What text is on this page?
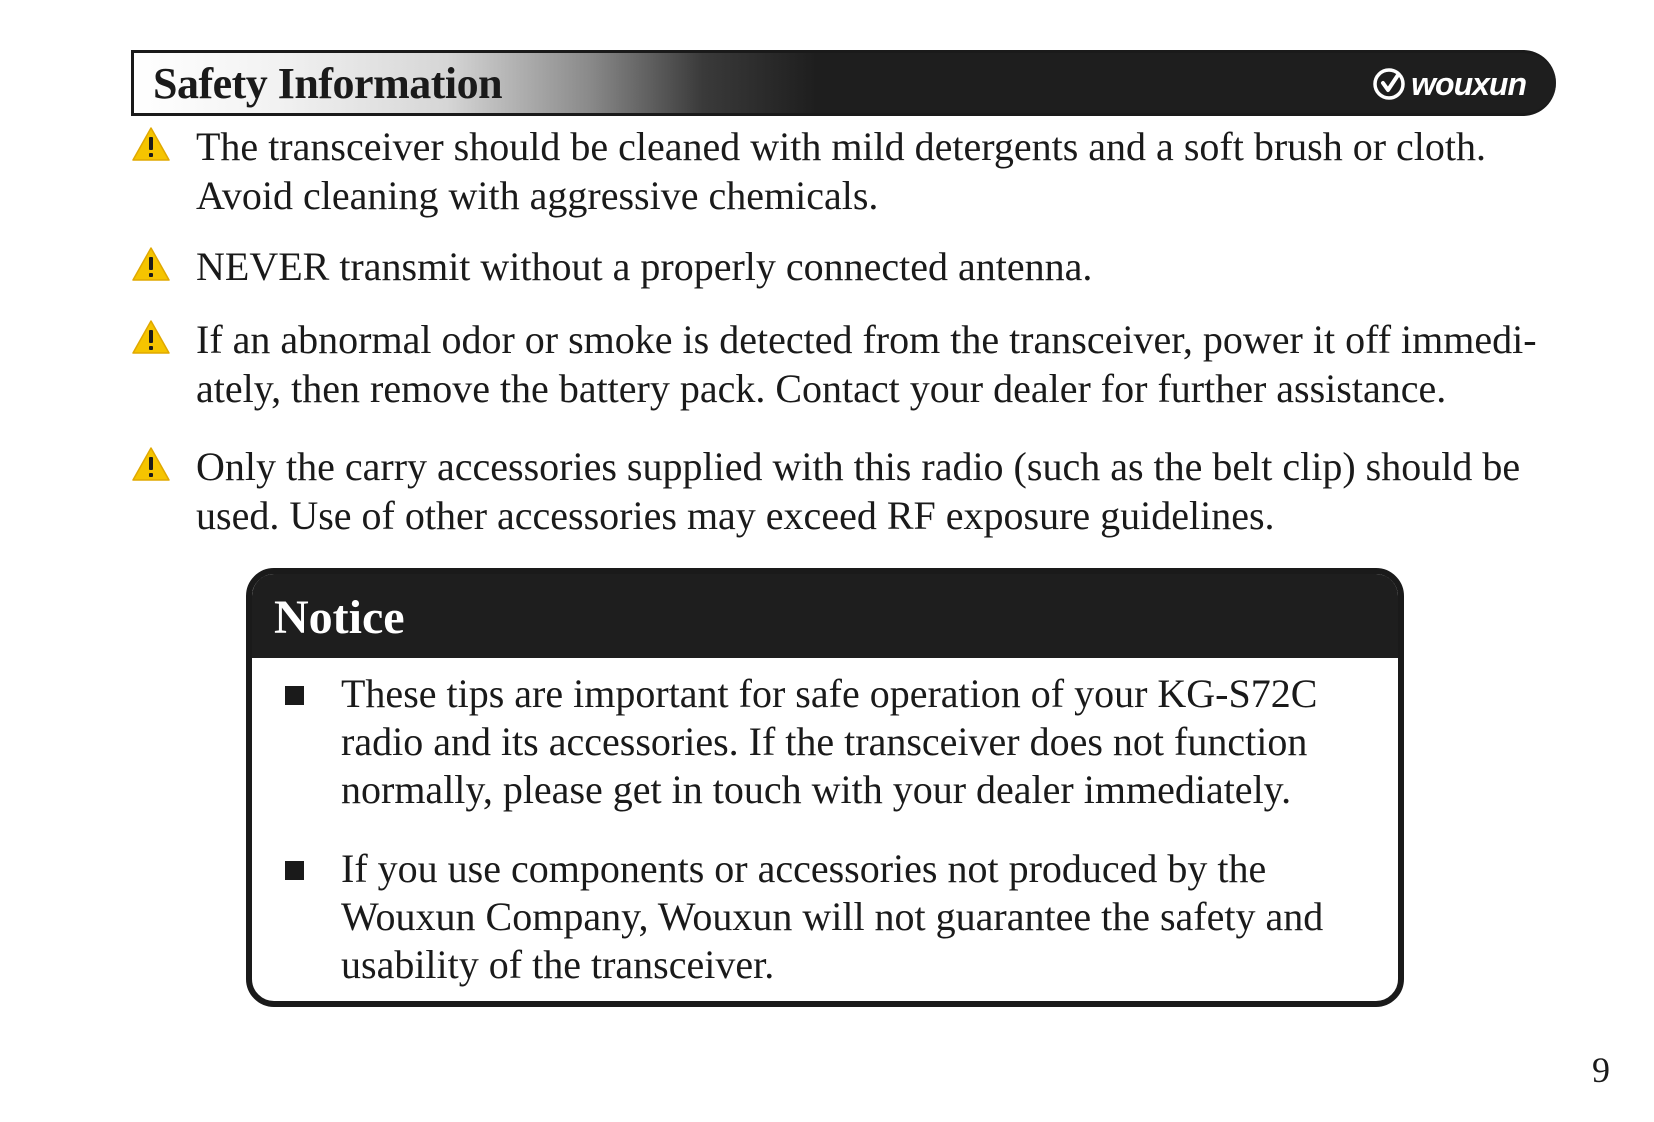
Safety Information	wouxun
The transceiver should be cleaned with mild detergents and a soft brush or cloth.
Avoid cleaning with aggressive chemicals.
NEVER transmit without a properly connected antenna.
If an abnormal odor or smoke is detected from the transceiver, power it off immedi-
ately, then remove the battery pack. Contact your dealer for further assistance.
Only the carry accessories supplied with this radio (such as the belt clip) should be
used. Use of other accessories may exceed RF exposure guidelines.
Notice
These tips are important for safe operation of your KG-S72C
radio and its accessories. If the transceiver does not function
normally, please get in touch with your dealer immediately.
If you use components or accessories not produced by the
Wouxun Company, Wouxun will not guarantee the safety and
usability of the transceiver.
9
